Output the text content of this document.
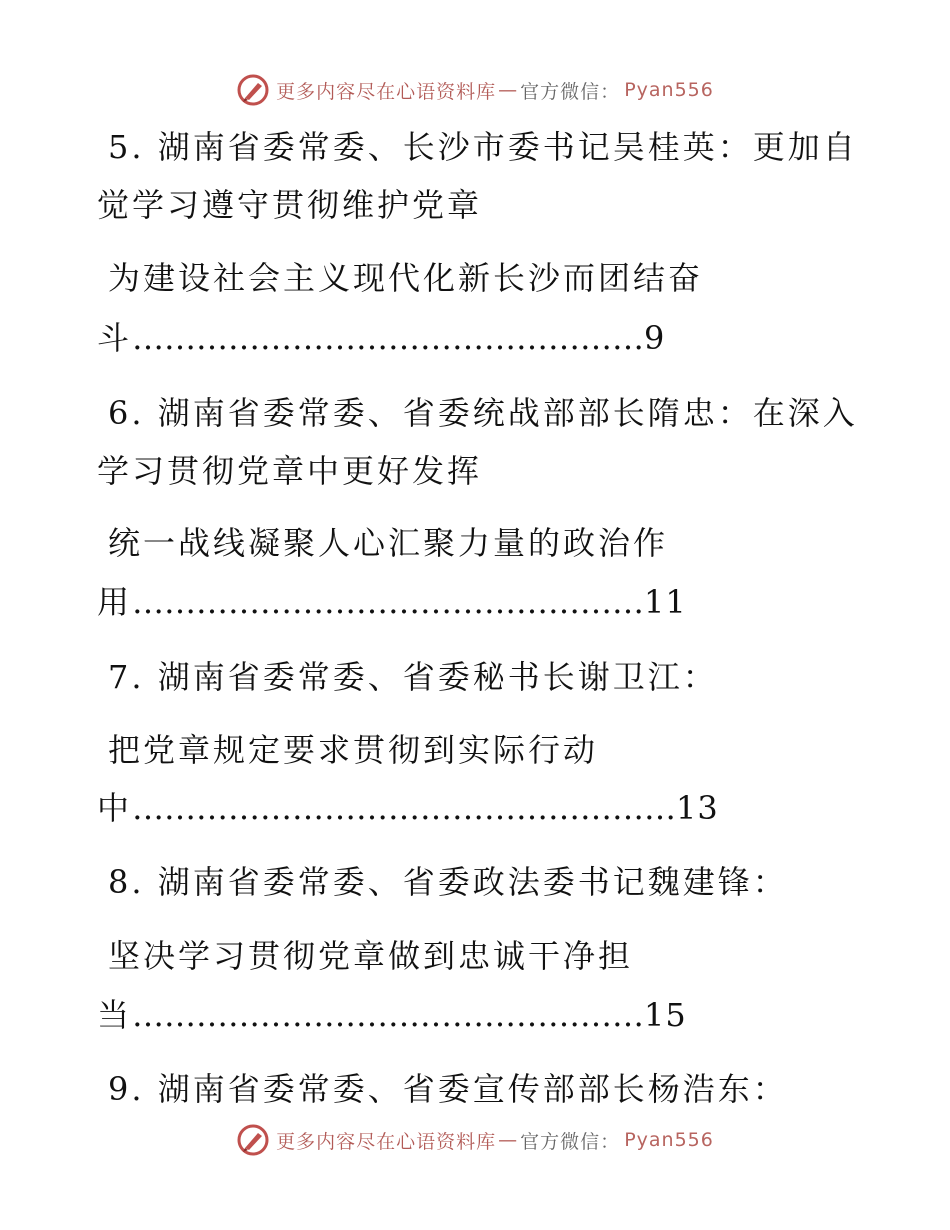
更多内容尽在心语资料库 — 官方微信： Pyan556
5. 湖南省委常委、长沙市委书记吴桂英：更加自
觉学习遵守贯彻维护党章
为建设社会主义现代化新长沙而团结奋
斗…………………………………………9
6. 湖南省委常委、省委统战部部长隋忠：在深入
学习贯彻党章中更好发挥
统一战线凝聚人心汇聚力量的政治作
用…………………………………………11
7. 湖南省委常委、省委秘书长谢卫江：
把党章规定要求贯彻到实际行动
中……………………………………………13
8. 湖南省委常委、省委政法委书记魏建锋：
坚决学习贯彻党章做到忠诚干净担
当…………………………………………15
9. 湖南省委常委、省委宣传部部长杨浩东：
更多内容尽在心语资料库 — 官方微信： Pyan556
